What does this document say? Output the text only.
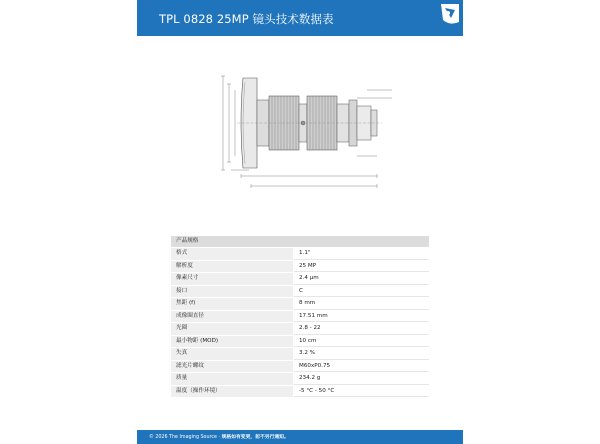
TPL 0828 25MP 镜头技术数据表
产品规格
格式	1.1"
解析度	25 MP
像素尺寸	2.4 µm
接口	C
焦距 (f)	8 mm
成像圈直径	17.51 mm
光圈	2.8 - 22
最小物距 (MOD)	10 cm
失真	3.2 %
滤光片螺纹	M60xP0.75
质量	234.2 g
温度（操作环境）	-5 °C - 50 °C
© 2026 The Imaging Source · 规格如有变更，恕不另行通知。
